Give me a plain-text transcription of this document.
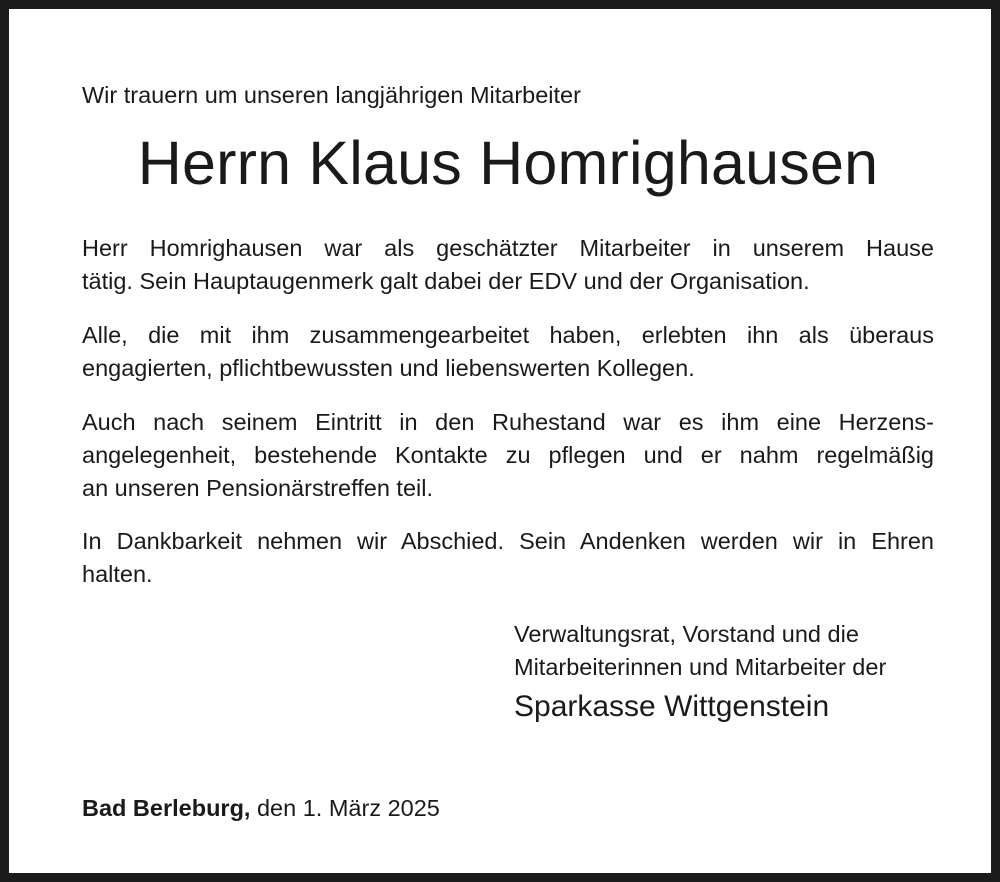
Wir trauern um unseren langjährigen Mitarbeiter
Herrn Klaus Homrighausen
Herr Homrighausen war als geschätzter Mitarbeiter in unserem Hause
tätig. Sein Hauptaugenmerk galt dabei der EDV und der Organisation.
Alle, die mit ihm zusammengearbeitet haben, erlebten ihn als überaus
engagierten, pflichtbewussten und liebenswerten Kollegen.
Auch nach seinem Eintritt in den Ruhestand war es ihm eine Herzens-
angelegenheit, bestehende Kontakte zu pflegen und er nahm regelmäßig
an unseren Pensionärstreffen teil.
In Dankbarkeit nehmen wir Abschied. Sein Andenken werden wir in Ehren
halten.
Verwaltungsrat, Vorstand und die
Mitarbeiterinnen und Mitarbeiter der
Sparkasse Wittgenstein
Bad Berleburg, den 1. März 2025
